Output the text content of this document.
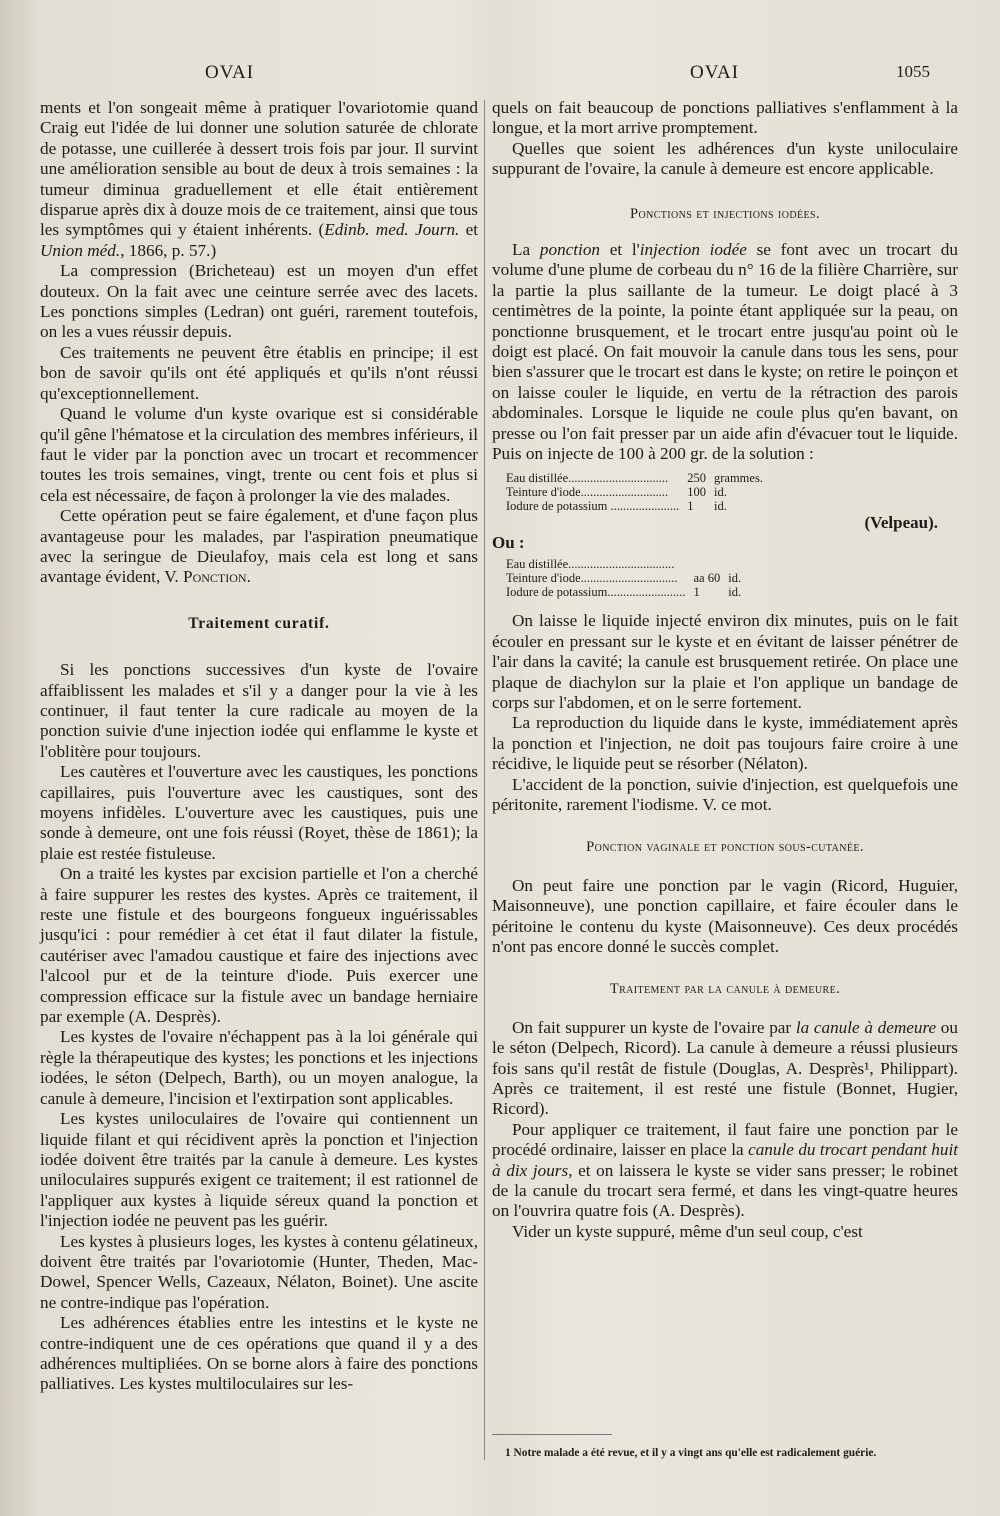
OVAI	OVAI	1055

ments et l'on songeait même à pratiquer l'ovariotomie quand Craig eut l'idée de lui donner une solution saturée de chlorate de potasse, une cuillerée à dessert trois fois par jour. Il survint une amélioration sensible au bout de deux à trois semaines : la tumeur diminua graduellement et elle était entièrement disparue après dix à douze mois de ce traitement, ainsi que tous les symptômes qui y étaient inhérents. (Edinb. med. Journ. et Union méd., 1866, p. 57.)

La compression (Bricheteau) est un moyen d'un effet douteux. On la fait avec une ceinture serrée avec des lacets. Les ponctions simples (Ledran) ont guéri, rarement toutefois, on les a vues réussir depuis.

Ces traitements ne peuvent être établis en principe; il est bon de savoir qu'ils ont été appliqués et qu'ils n'ont réussi qu'exceptionnellement.

Quand le volume d'un kyste ovarique est si considérable qu'il gêne l'hématose et la circulation des membres inférieurs, il faut le vider par la ponction avec un trocart et recommencer toutes les trois semaines, vingt, trente ou cent fois et plus si cela est nécessaire, de façon à prolonger la vie des malades.

Cette opération peut se faire également, et d'une façon plus avantageuse pour les malades, par l'aspiration pneumatique avec la seringue de Dieulafoy, mais cela est long et sans avantage évident, V. Ponction.

Traitement curatif.

Si les ponctions successives d'un kyste de l'ovaire affaiblissent les malades et s'il y a danger pour la vie à les continuer, il faut tenter la cure radicale au moyen de la ponction suivie d'une injection iodée qui enflamme le kyste et l'oblitère pour toujours.

Les cautères et l'ouverture avec les caustiques, les ponctions capillaires, puis l'ouverture avec les caustiques, sont des moyens infidèles. L'ouverture avec les caustiques, puis une sonde à demeure, ont une fois réussi (Royet, thèse de 1861); la plaie est restée fistuleuse.

On a traité les kystes par excision partielle et l'on a cherché à faire suppurer les restes des kystes. Après ce traitement, il reste une fistule et des bourgeons fongueux inguérissables jusqu'ici : pour remédier à cet état il faut dilater la fistule, cautériser avec l'amadou caustique et faire des injections avec l'alcool pur et de la teinture d'iode. Puis exercer une compression efficace sur la fistule avec un bandage herniaire par exemple (A. Desprès).

Les kystes de l'ovaire n'échappent pas à la loi générale qui règle la thérapeutique des kystes; les ponctions et les injections iodées, le séton (Delpech, Barth), ou un moyen analogue, la canule à demeure, l'incision et l'extirpation sont applicables.

Les kystes uniloculaires de l'ovaire qui contiennent un liquide filant et qui récidivent après la ponction et l'injection iodée doivent être traités par la canule à demeure. Les kystes uniloculaires suppurés exigent ce traitement; il est rationnel de l'appliquer aux kystes à liquide séreux quand la ponction et l'injection iodée ne peuvent pas les guérir.

Les kystes à plusieurs loges, les kystes à contenu gélatineux, doivent être traités par l'ovariotomie (Hunter, Theden, Mac-Dowel, Spencer Wells, Cazeaux, Nélaton, Boinet). Une ascite ne contre-indique pas l'opération.

Les adhérences établies entre les intestins et le kyste ne contre-indiquent une de ces opérations que quand il y a des adhérences multipliées. On se borne alors à faire des ponctions palliatives. Les kystes multiloculaires sur les-

quels on fait beaucoup de ponctions palliatives s'enflamment à la longue, et la mort arrive promptement.

Quelles que soient les adhérences d'un kyste uniloculaire suppurant de l'ovaire, la canule à demeure est encore applicable.

Ponctions et injections iodées.

La ponction et l'injection iodée se font avec un trocart du volume d'une plume de corbeau du n° 16 de la filière Charrière, sur la partie la plus saillante de la tumeur. Le doigt placé à 3 centimètres de la pointe, la pointe étant appliquée sur la peau, on ponctionne brusquement, et le trocart entre jusqu'au point où le doigt est placé. On fait mouvoir la canule dans tous les sens, pour bien s'assurer que le trocart est dans le kyste; on retire le poinçon et on laisse couler le liquide, en vertu de la rétraction des parois abdominales. Lorsque le liquide ne coule plus qu'en bavant, on presse ou l'on fait presser par un aide afin d'évacuer tout le liquide. Puis on injecte de 100 à 200 gr. de la solution :

Eau distillée................................	250	grammes.
Teinture d'iode............................	100	id.
Iodure de potassium ......................	1	id.
(Velpeau).
Ou :
Eau distillée..................................		
Teinture d'iode...............................	aa 60	id.
Iodure de potassium.........................	1	id.

On laisse le liquide injecté environ dix minutes, puis on le fait écouler en pressant sur le kyste et en évitant de laisser pénétrer de l'air dans la cavité; la canule est brusquement retirée. On place une plaque de diachylon sur la plaie et l'on applique un bandage de corps sur l'abdomen, et on le serre fortement.

La reproduction du liquide dans le kyste, immédiatement après la ponction et l'injection, ne doit pas toujours faire croire à une récidive, le liquide peut se résorber (Nélaton).

L'accident de la ponction, suivie d'injection, est quelquefois une péritonite, rarement l'iodisme. V. ce mot.

Ponction vaginale et ponction sous-cutanée.

On peut faire une ponction par le vagin (Ricord, Huguier, Maisonneuve), une ponction capillaire, et faire écouler dans le péritoine le contenu du kyste (Maisonneuve). Ces deux procédés n'ont pas encore donné le succès complet.

Traitement par la canule à demeure.

On fait suppurer un kyste de l'ovaire par la canule à demeure ou le séton (Delpech, Ricord). La canule à demeure a réussi plusieurs fois sans qu'il restât de fistule (Douglas, A. Desprès¹, Philippart). Après ce traitement, il est resté une fistule (Bonnet, Hugier, Ricord).

Pour appliquer ce traitement, il faut faire une ponction par le procédé ordinaire, laisser en place la canule du trocart pendant huit à dix jours, et on laissera le kyste se vider sans presser; le robinet de la canule du trocart sera fermé, et dans les vingt-quatre heures on l'ouvrira quatre fois (A. Desprès).

Vider un kyste suppuré, même d'un seul coup, c'est

1 Notre malade a été revue, et il y a vingt ans qu'elle est radicalement guérie.
